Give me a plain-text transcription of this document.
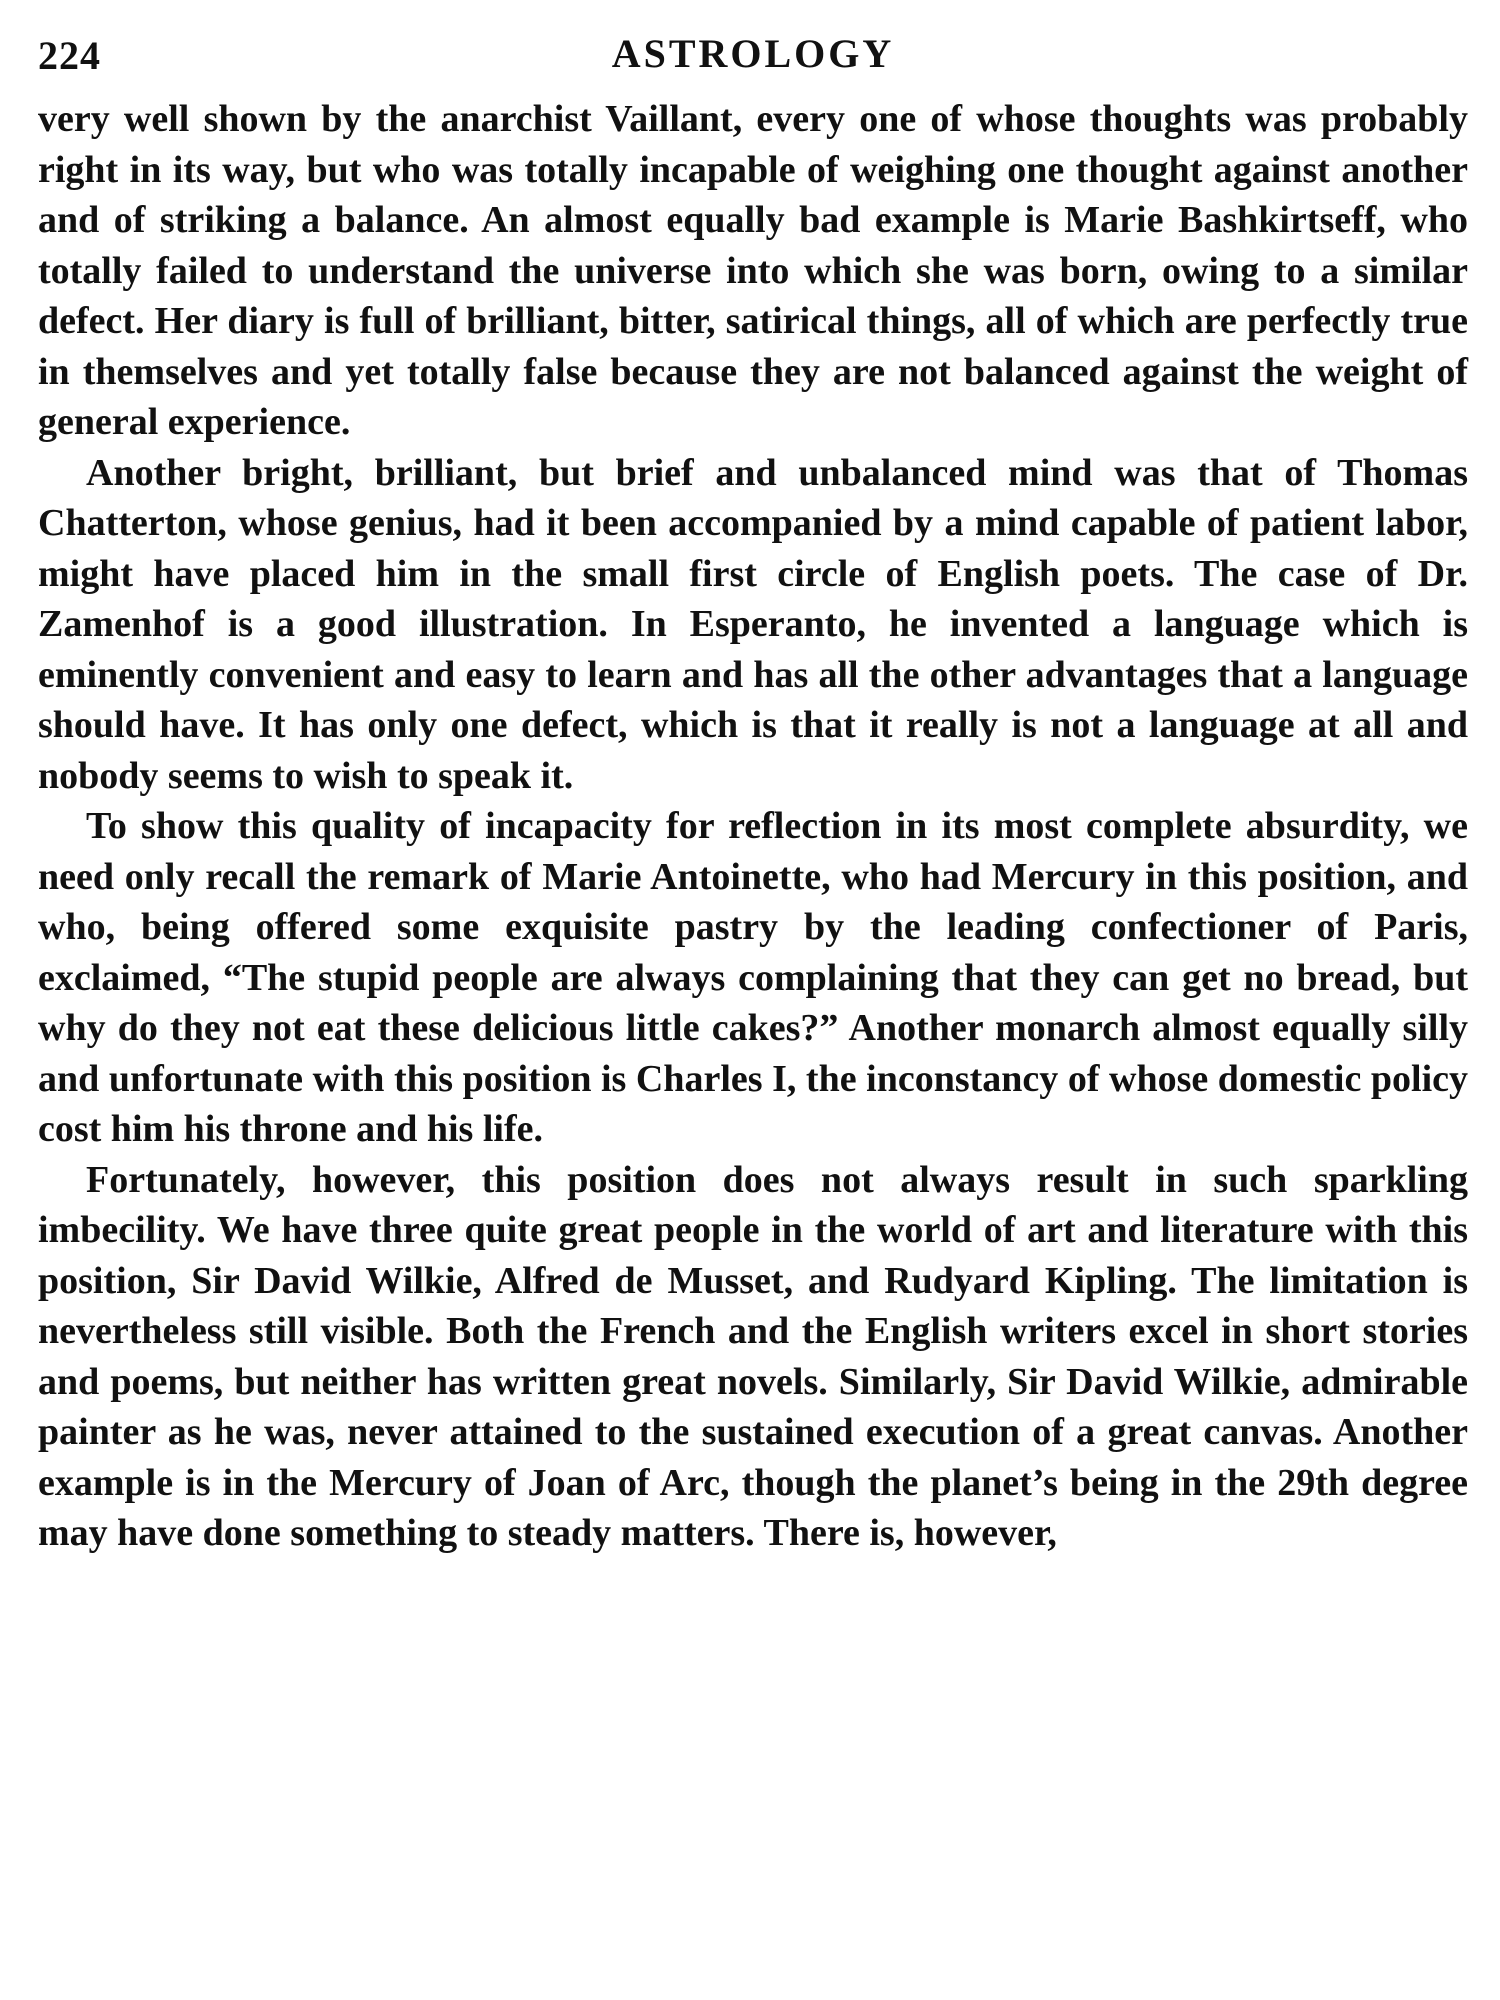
224	ASTROLOGY

very well shown by the anarchist Vaillant, every one of whose thoughts was probably right in its way, but who was totally incapable of weighing one thought against another and of striking a balance. An almost equally bad example is Marie Bashkirtseff, who totally failed to understand the universe into which she was born, owing to a similar defect. Her diary is full of brilliant, bitter, satirical things, all of which are perfectly true in themselves and yet totally false because they are not balanced against the weight of general experience.

Another bright, brilliant, but brief and unbalanced mind was that of Thomas Chatterton, whose genius, had it been accompanied by a mind capable of patient labor, might have placed him in the small first circle of English poets. The case of Dr. Zamenhof is a good illustration. In Esperanto, he invented a language which is eminently convenient and easy to learn and has all the other advantages that a language should have. It has only one defect, which is that it really is not a language at all and nobody seems to wish to speak it.

To show this quality of incapacity for reflection in its most complete absurdity, we need only recall the remark of Marie Antoinette, who had Mercury in this position, and who, being offered some exquisite pastry by the leading confectioner of Paris, exclaimed, “The stupid people are always complaining that they can get no bread, but why do they not eat these delicious little cakes?” Another monarch almost equally silly and unfortunate with this position is Charles I, the inconstancy of whose domestic policy cost him his throne and his life.

Fortunately, however, this position does not always result in such sparkling imbecility. We have three quite great people in the world of art and literature with this position, Sir David Wilkie, Alfred de Musset, and Rudyard Kipling. The limitation is nevertheless still visible. Both the French and the English writers excel in short stories and poems, but neither has written great novels. Similarly, Sir David Wilkie, admirable painter as he was, never attained to the sustained execution of a great canvas. Another example is in the Mercury of Joan of Arc, though the planet’s being in the 29th degree may have done something to steady matters. There is, however,
